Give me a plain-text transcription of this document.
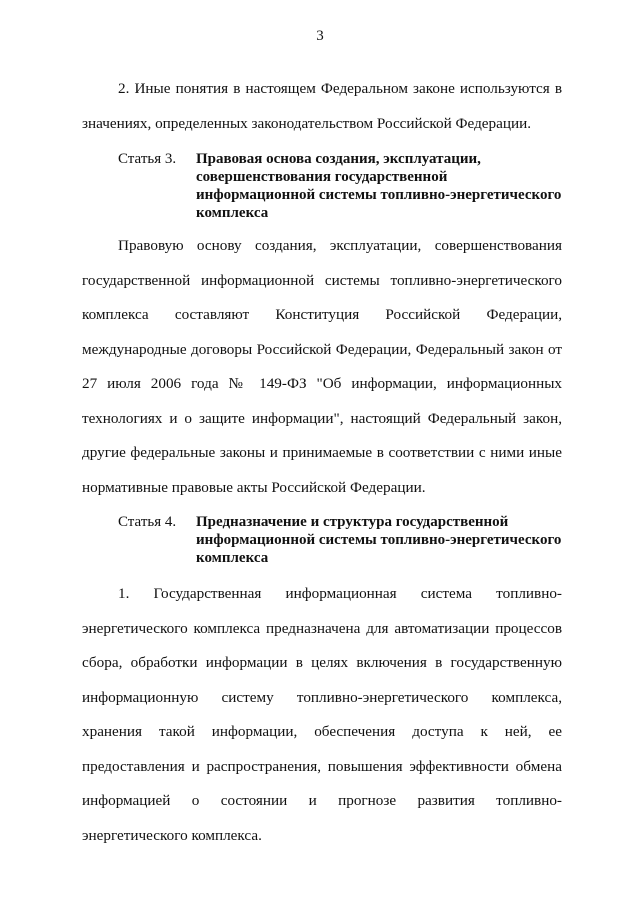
3

2. Иные понятия в настоящем Федеральном законе используются в значениях, определенных законодательством Российской Федерации.

Статья 3. Правовая основа создания, эксплуатации, совершенствования государственной информационной системы топливно-энергетического комплекса

Правовую основу создания, эксплуатации, совершенствования государственной информационной системы топливно-энергетического комплекса составляют Конституция Российской Федерации, международные договоры Российской Федерации, Федеральный закон от 27 июля 2006 года № 149-ФЗ "Об информации, информационных технологиях и о защите информации", настоящий Федеральный закон, другие федеральные законы и принимаемые в соответствии с ними иные нормативные правовые акты Российской Федерации.

Статья 4. Предназначение и структура государственной информационной системы топливно-энергетического комплекса

1. Государственная информационная система топливно-энергетического комплекса предназначена для автоматизации процессов сбора, обработки информации в целях включения в государственную информационную систему топливно-энергетического комплекса, хранения такой информации, обеспечения доступа к ней, ее предоставления и распространения, повышения эффективности обмена информацией о состоянии и прогнозе развития топливно-энергетического комплекса.
